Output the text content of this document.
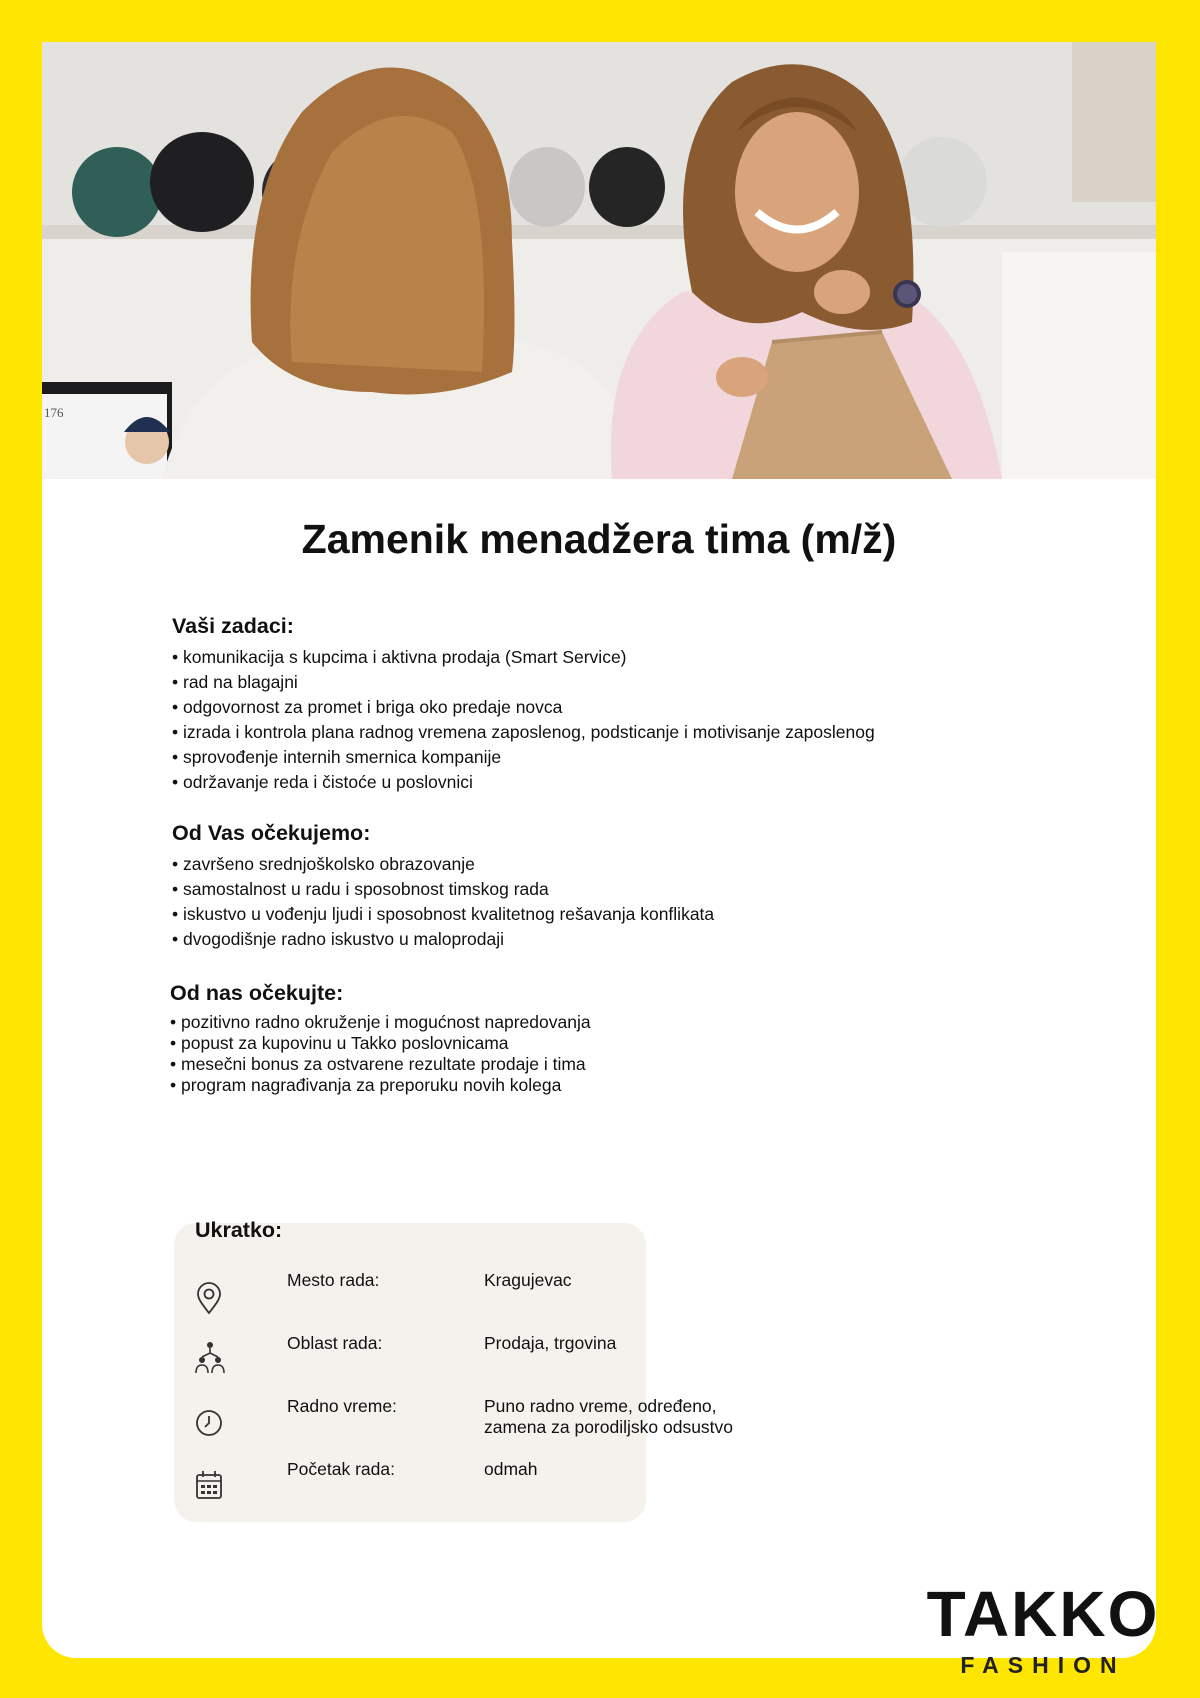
176
Zamenik menadžera tima (m/ž)
Vaši zadaci:
• komunikacija s kupcima i aktivna prodaja (Smart Service)
• rad na blagajni
• odgovornost za promet i briga oko predaje novca
• izrada i kontrola plana radnog vremena zaposlenog, podsticanje i motivisanje zaposlenog
• sprovođenje internih smernica kompanije
• održavanje reda i čistoće u poslovnici
Od Vas očekujemo:
• završeno srednjoškolsko obrazovanje
• samostalnost u radu i sposobnost timskog rada
• iskustvo u vođenju ljudi i sposobnost kvalitetnog rešavanja konflikata
• dvogodišnje radno iskustvo u maloprodaji
Od nas očekujte:
• pozitivno radno okruženje i mogućnost napredovanja
• popust za kupovinu u Takko poslovnicama
• mesečni bonus za ostvarene rezultate prodaje i tima
• program nagrađivanja za preporuku novih kolega
Ukratko:
Mesto rada:	Kragujevac
Oblast rada:	Prodaja, trgovina
Radno vreme:	Puno radno vreme, određeno,
zamena za porodiljsko odsustvo
Početak rada:	odmah
TAKKO
FASHION
